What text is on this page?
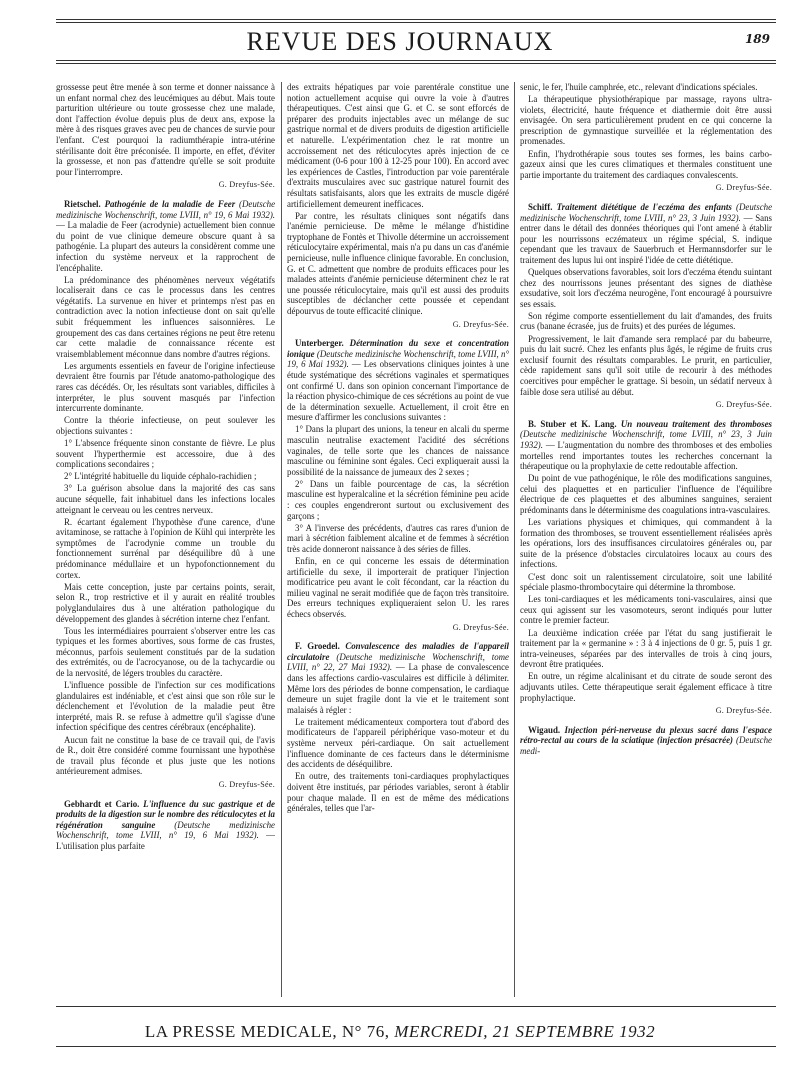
REVUE DES JOURNAUX	189

grossesse peut être menée à son terme et donner naissance à un enfant normal chez des leucémiques au début. Mais toute parturition ultérieure ou toute grossesse chez une malade, dont l'affection évolue depuis plus de deux ans, expose la mère à des risques graves avec peu de chances de survie pour l'enfant. C'est pourquoi la radiumthérapie intra-utérine stérilisante doit être préconisée. Il importe, en effet, d'éviter la grossesse, et non pas d'attendre qu'elle se soit produite pour l'interrompre.

G. Dreyfus-Sée.

Rietschel. Pathogénie de la maladie de Feer (Deutsche medizinische Wochenschrift, tome LVIII, n° 19, 6 Mai 1932). — La maladie de Feer (acrodynie) actuellement bien connue du point de vue clinique demeure obscure quant à sa pathogénie. La plupart des auteurs la considèrent comme une infection du système nerveux et la rapprochent de l'encéphalite.

La prédominance des phénomènes nerveux végétatifs localiserait dans ce cas le processus dans les centres végétatifs. La survenue en hiver et printemps n'est pas en contradiction avec la notion infectieuse dont on sait qu'elle subit fréquemment les influences saisonnières. Le groupement des cas dans certaines régions ne peut être retenu car cette maladie de connaissance récente est vraisemblablement méconnue dans nombre d'autres régions.

Les arguments essentiels en faveur de l'origine infectieuse devraient être fournis par l'étude anatomo-pathologique des rares cas décédés. Or, les résultats sont variables, difficiles à interpréter, le plus souvent masqués par l'infection intercurrente dominante.

Contre la théorie infectieuse, on peut soulever les objections suivantes :

1° L'absence fréquente sinon constante de fièvre. Le plus souvent l'hyperthermie est accessoire, due à des complications secondaires ;

2° L'intégrité habituelle du liquide céphalo-rachidien ;

3° La guérison absolue dans la majorité des cas sans aucune séquelle, fait inhabituel dans les infections locales atteignant le cerveau ou les centres nerveux.

R. écartant également l'hypothèse d'une carence, d'une avitaminose, se rattache à l'opinion de Kühl qui interprète les symptômes de l'acrodynie comme un trouble du fonctionnement surrénal par déséquilibre dû à une prédominance médullaire et un hypofonctionnement du cortex.

Mais cette conception, juste par certains points, serait, selon R., trop restrictive et il y aurait en réalité troubles polyglandulaires dus à une altération pathologique du développement des glandes à sécrétion interne chez l'enfant.

Tous les intermédiaires pourraient s'observer entre les cas typiques et les formes abortives, sous forme de cas frustes, méconnus, parfois seulement constitués par de la sudation des extrémités, ou de l'acrocyanose, ou de la tachycardie ou de la nervosité, de légers troubles du caractère.

L'influence possible de l'infection sur ces modifications glandulaires est indéniable, et c'est ainsi que son rôle sur le déclenchement et l'évolution de la maladie peut être interprété, mais R. se refuse à admettre qu'il s'agisse d'une infection spécifique des centres cérébraux (encéphalite).

Aucun fait ne constitue la base de ce travail qui, de l'avis de R., doit être considéré comme fournissant une hypothèse de travail plus féconde et plus juste que les notions antérieurement admises.

G. Dreyfus-Sée.

Gebhardt et Cario. L'influence du suc gastrique et de produits de la digestion sur le nombre des réticulocytes et la régénération sanguine (Deutsche medizinische Wochenschrift, tome LVIII, n° 19, 6 Mai 1932). — L'utilisation plus parfaite

des extraits hépatiques par voie parentérale constitue une notion actuellement acquise qui ouvre la voie à d'autres thérapeutiques. C'est ainsi que G. et C. se sont efforcés de préparer des produits injectables avec un mélange de suc gastrique normal et de divers produits de digestion artificielle et naturelle. L'expérimentation chez le rat montre un accroissement net des réticulocytes après injection de ce médicament (0-6 pour 100 à 12-25 pour 100). En accord avec les expériences de Castles, l'introduction par voie parentérale d'extraits musculaires avec suc gastrique naturel fournit des résultats satisfaisants, alors que les extraits de muscle digéré artificiellement demeurent inefficaces.

Par contre, les résultats cliniques sont négatifs dans l'anémie pernicieuse. De même le mélange d'histidine tryptophane de Fontès et Thivolle détermine un accroissement réticulocytaire expérimental, mais n'a pu dans un cas d'anémie pernicieuse, nulle influence clinique favorable. En conclusion, G. et C. admettent que nombre de produits efficaces pour les malades atteints d'anémie pernicieuse déterminent chez le rat une poussée réticulocytaire, mais qu'il est aussi des produits susceptibles de déclancher cette poussée et cependant dépourvus de toute efficacité clinique.

G. Dreyfus-Sée.

Unterberger. Détermination du sexe et concentration ionique (Deutsche medizinische Wochenschrift, tome LVIII, n° 19, 6 Mai 1932). — Les observations cliniques jointes à une étude systématique des sécrétions vaginales et spermatiques ont confirmé U. dans son opinion concernant l'importance de la réaction physico-chimique de ces sécrétions au point de vue de la détermination sexuelle. Actuellement, il croit être en mesure d'affirmer les conclusions suivantes :

1° Dans la plupart des unions, la teneur en alcali du sperme masculin neutralise exactement l'acidité des sécrétions vaginales, de telle sorte que les chances de naissance masculine ou féminine sont égales. Ceci expliquerait aussi la possibilité de la naissance de jumeaux des 2 sexes ;

2° Dans un faible pourcentage de cas, la sécrétion masculine est hyperalcaline et la sécrétion féminine peu acide : ces couples engendreront surtout ou exclusivement des garçons ;

3° A l'inverse des précédents, d'autres cas rares d'union de mari à sécrétion faiblement alcaline et de femmes à sécrétion très acide donneront naissance à des séries de filles.

Enfin, en ce qui concerne les essais de détermination artificielle du sexe, il importerait de pratiquer l'injection modificatrice peu avant le coït fécondant, car la réaction du milieu vaginal ne serait modifiée que de façon très transitoire. Des erreurs techniques expliqueraient selon U. les rares échecs observés.

G. Dreyfus-Sée.

F. Groedel. Convalescence des maladies de l'appareil circulatoire (Deutsche medizinische Wochenschrift, tome LVIII, n° 22, 27 Mai 1932). — La phase de convalescence dans les affections cardio-vasculaires est difficile à délimiter. Même lors des périodes de bonne compensation, le cardiaque demeure un sujet fragile dont la vie et le traitement sont malaisés à régler :

Le traitement médicamenteux comportera tout d'abord des modificateurs de l'appareil périphérique vaso-moteur et du système nerveux péri-cardiaque. On sait actuellement l'influence dominante de ces facteurs dans le déterminisme des accidents de déséquilibre.

En outre, des traitements toni-cardiaques prophylactiques doivent être institués, par périodes variables, seront à établir pour chaque malade. Il en est de même des médications générales, telles que l'ar-

senic, le fer, l'huile camphrée, etc., relevant d'indications spéciales.

La thérapeutique physiothérapique par massage, rayons ultra-violets, électricité, haute fréquence et diathermie doit être aussi envisagée. On sera particulièrement prudent en ce qui concerne la prescription de gymnastique surveillée et la réglementation des promenades.

Enfin, l'hydrothérapie sous toutes ses formes, les bains carbo-gazeux ainsi que les cures climatiques et thermales constituent une partie importante du traitement des cardiaques convalescents.

G. Dreyfus-Sée.

Schiff. Traitement diététique de l'eczéma des enfants (Deutsche medizinische Wochenschrift, tome LVIII, n° 23, 3 Juin 1932). — Sans entrer dans le détail des données théoriques qui l'ont amené à établir pour les nourrissons eczémateux un régime spécial, S. indique cependant que les travaux de Sauerbruch et Hermannsdorfer sur le traitement des lupus lui ont inspiré l'idée de cette diététique.

Quelques observations favorables, soit lors d'eczéma étendu suintant chez des nourrissons jeunes présentant des signes de diathèse exsudative, soit lors d'eczéma neurogène, l'ont encouragé à poursuivre ses essais.

Son régime comporte essentiellement du lait d'amandes, des fruits crus (banane écrasée, jus de fruits) et des purées de légumes.

Progressivement, le lait d'amande sera remplacé par du babeurre, puis du lait sucré. Chez les enfants plus âgés, le régime de fruits crus exclusif fournit des résultats comparables. Le prurit, en particulier, cède rapidement sans qu'il soit utile de recourir à des méthodes coercitives pour empêcher le grattage. Si besoin, un sédatif nerveux à faible dose sera utilisé au début.

G. Dreyfus-Sée.

B. Stuber et K. Lang. Un nouveau traitement des thromboses (Deutsche medizinische Wochenschrift, tome LVIII, n° 23, 3 Juin 1932). — L'augmentation du nombre des thromboses et des embolies mortelles rend importantes toutes les recherches concernant la thérapeutique ou la prophylaxie de cette redoutable affection.

Du point de vue pathogénique, le rôle des modifications sanguines, celui des plaquettes et en particulier l'influence de l'équilibre électrique de ces plaquettes et des albumines sanguines, seraient prédominants dans le déterminisme des coagulations intra-vasculaires.

Les variations physiques et chimiques, qui commandent à la formation des thromboses, se trouvent essentiellement réalisées après les opérations, lors des insuffisances circulatoires générales ou, par suite de la présence d'obstacles circulatoires locaux au cours des infections.

C'est donc soit un ralentissement circulatoire, soit une labilité spéciale plasmo-thrombocytaire qui détermine la thrombose.

Les toni-cardiaques et les médicaments toni-vasculaires, ainsi que ceux qui agissent sur les vasomoteurs, seront indiqués pour lutter contre le premier facteur.

La deuxième indication créée par l'état du sang justifierait le traitement par la « germanine » : 3 à 4 injections de 0 gr. 5, puis 1 gr. intra-veineuses, séparées par des intervalles de trois à cinq jours, devront être pratiquées.

En outre, un régime alcalinisant et du citrate de soude seront des adjuvants utiles. Cette thérapeutique serait également efficace à titre prophylactique.

G. Dreyfus-Sée.

Wigaud. Injection péri-nerveuse du plexus sacré dans l'espace rétro-rectal au cours de la sciatique (injection présacrée) (Deutsche medi-

LA PRESSE MEDICALE, N° 76, MERCREDI, 21 SEPTEMBRE 1932
